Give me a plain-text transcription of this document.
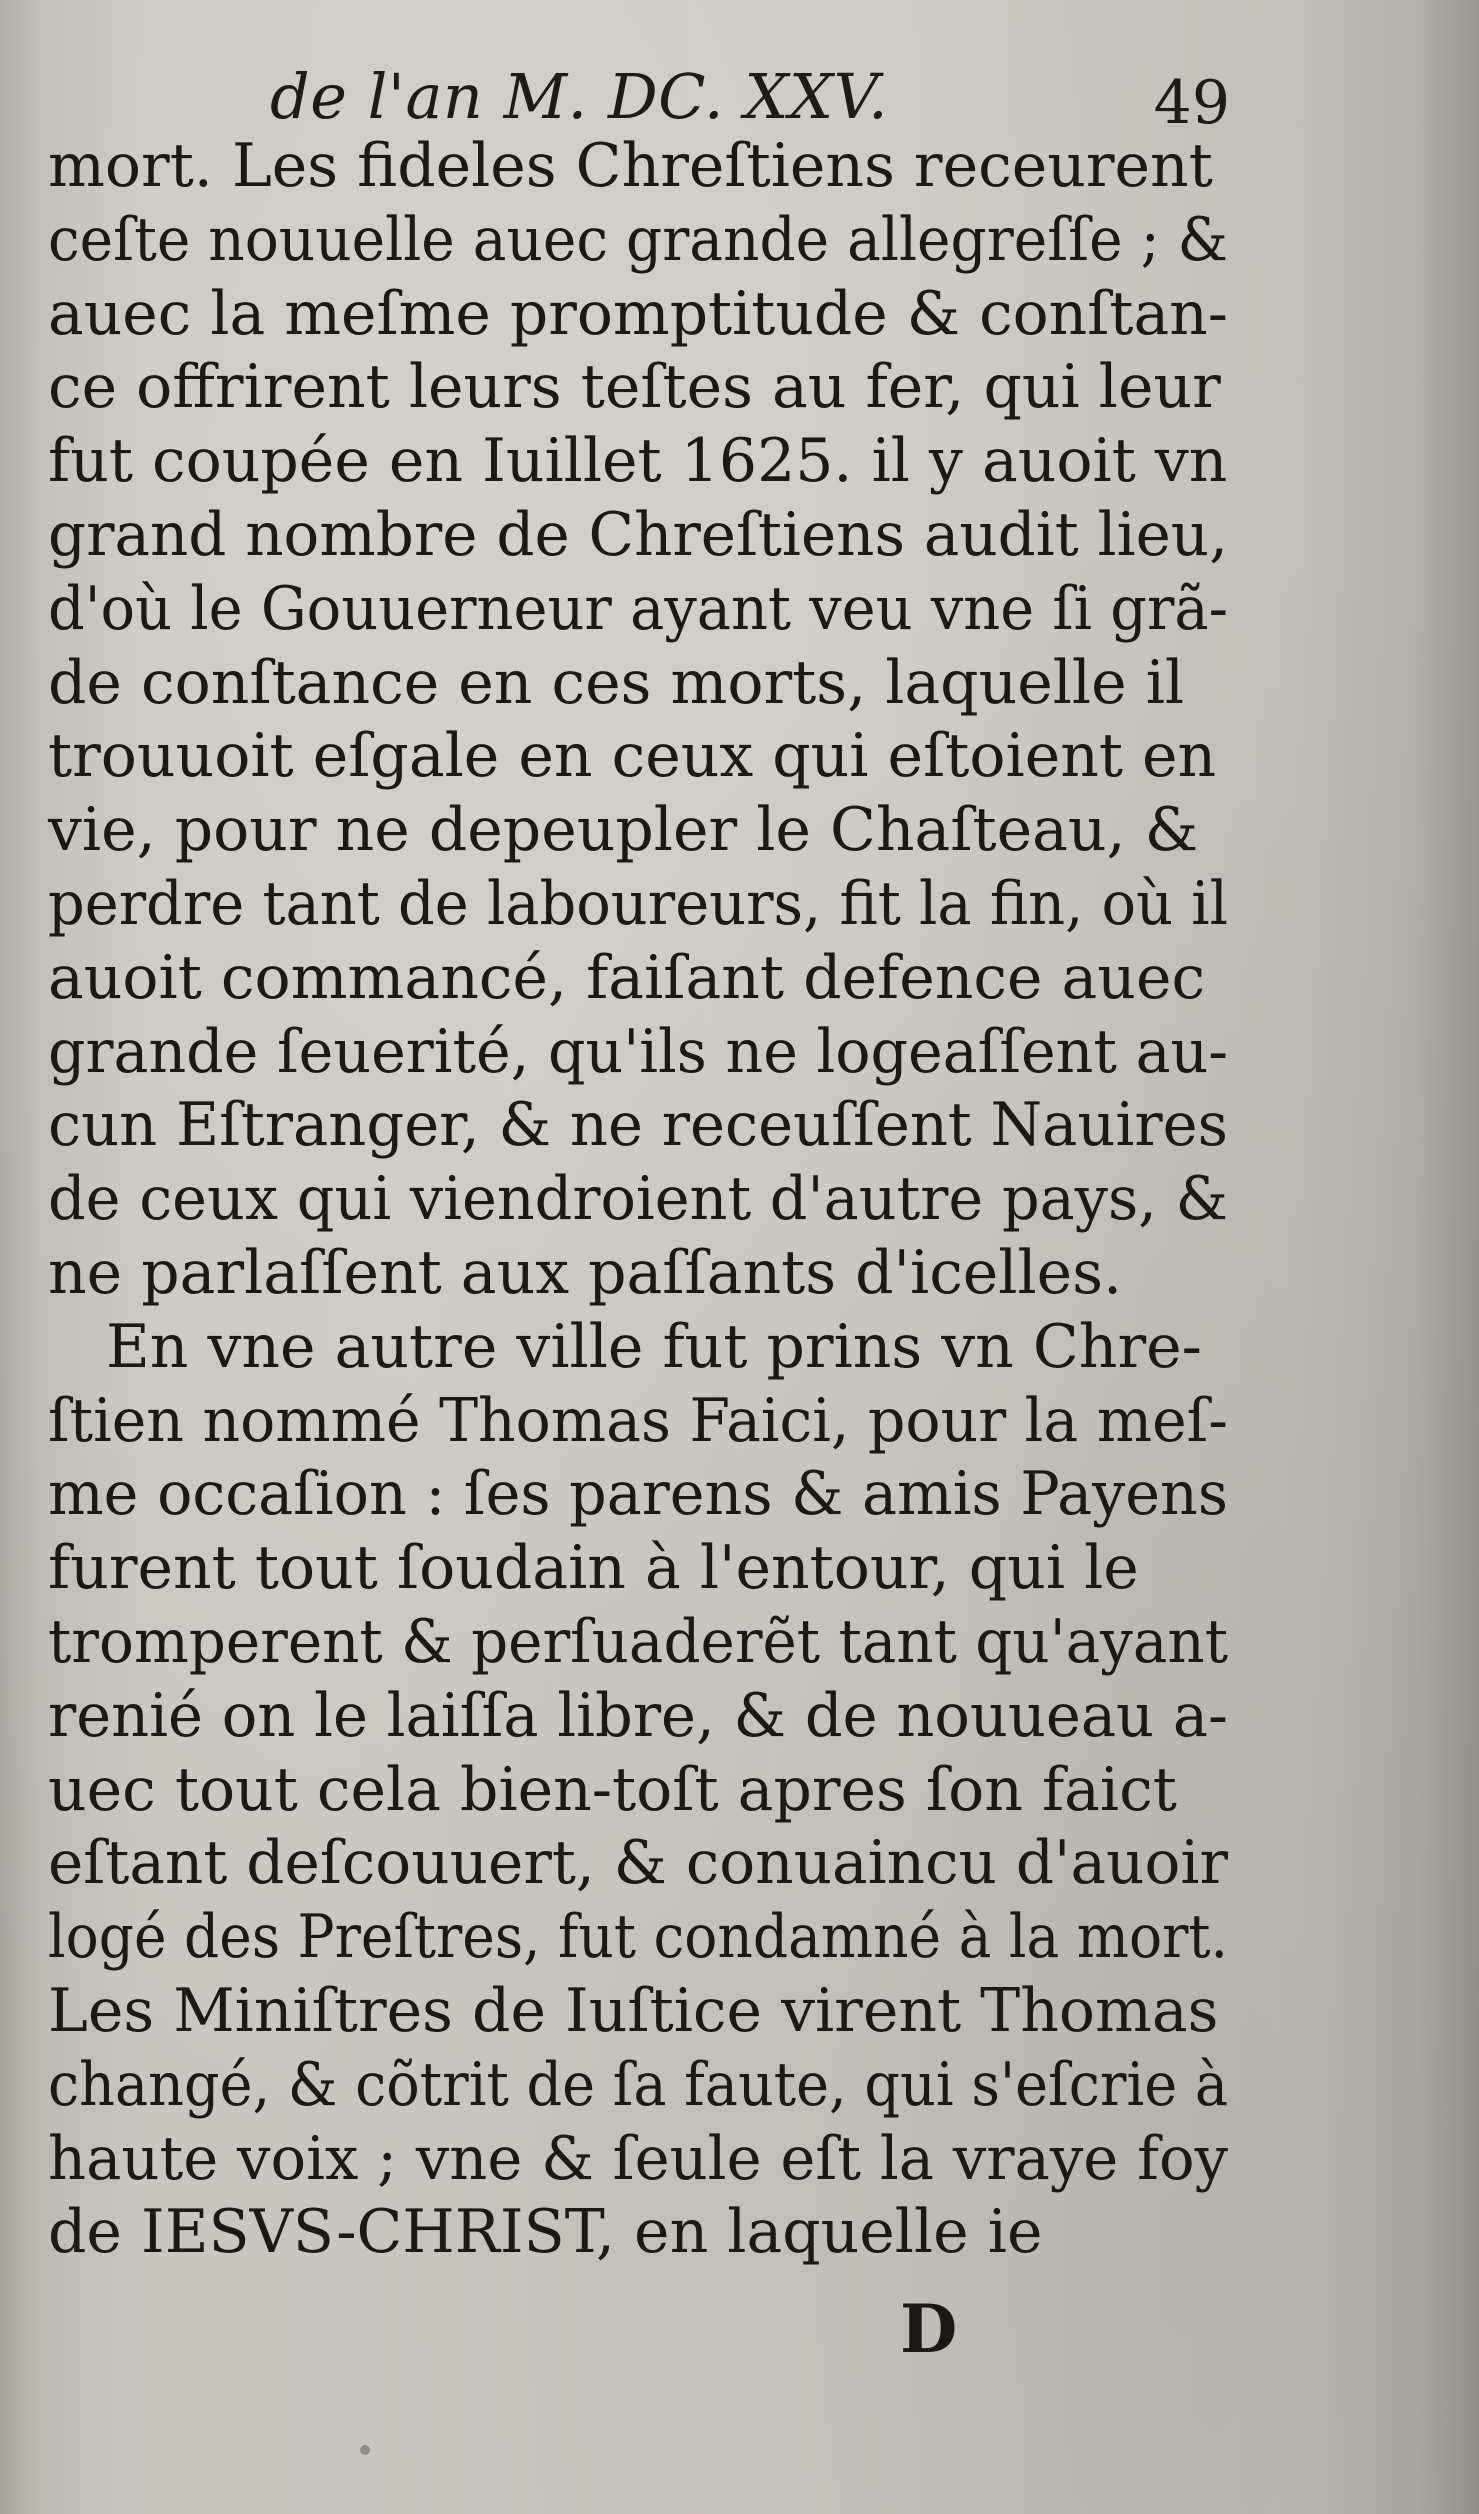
de l'an M. DC. XXV.	49
mort. Les fideles Chreſtiens receurent
ceſte nouuelle auec grande allegreſſe ; &
auec la meſme promptitude & conſtan-
ce offrirent leurs teſtes au fer, qui leur
fut coupée en Iuillet 1625. il y auoit vn
grand nombre de Chreſtiens audit lieu,
d'où le Gouuerneur ayant veu vne ſi grã-
de conſtance en ces morts, laquelle il
trouuoit eſgale en ceux qui eſtoient en
vie, pour ne depeupler le Chaſteau, &
perdre tant de laboureurs, fit la fin, où il
auoit commancé, faiſant defence auec
grande ſeuerité, qu'ils ne logeaſſent au-
cun Eſtranger, & ne receuſſent Nauires
de ceux qui viendroient d'autre pays, &
ne parlaſſent aux paſſants d'icelles.
En vne autre ville fut prins vn Chre-
ſtien nommé Thomas Faici, pour la meſ-
me occaſion : ſes parens & amis Payens
furent tout ſoudain à l'entour, qui le
tromperent & perſuaderẽt tant qu'ayant
renié on le laiſſa libre, & de nouueau a-
uec tout cela bien-toſt apres ſon faict
eſtant deſcouuert, & conuaincu d'auoir
logé des Preſtres, fut condamné à la mort.
Les Miniſtres de Iuſtice virent Thomas
changé, & cõtrit de ſa faute, qui s'eſcrie à
haute voix ; vne & ſeule eſt la vraye foy
de IESVS-CHRIST, en laquelle ie
D
